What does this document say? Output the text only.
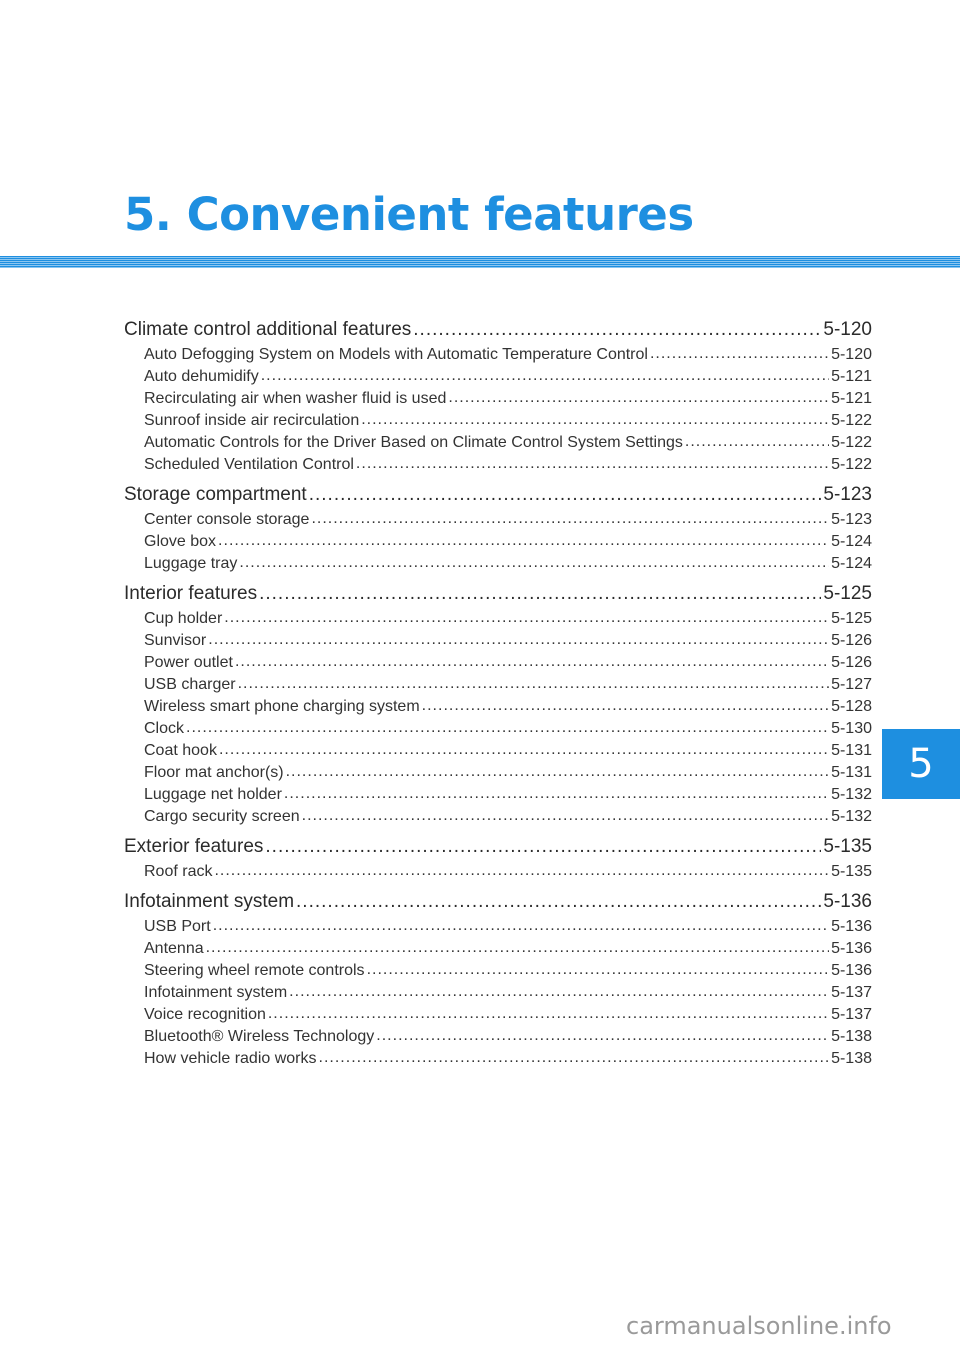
5. Convenient features
Climate control additional features .....	5-120
Auto Defogging System on Models with Automatic Temperature Control .....	5-120
Auto dehumidify .....	5-121
Recirculating air when washer fluid is used .....	5-121
Sunroof inside air recirculation .....	5-122
Automatic Controls for the Driver Based on Climate Control System Settings .....	5-122
Scheduled Ventilation Control .....	5-122
Storage compartment .....	5-123
Center console storage .....	5-123
Glove box .....	5-124
Luggage tray .....	5-124
Interior features .....	5-125
Cup holder .....	5-125
Sunvisor .....	5-126
Power outlet .....	5-126
USB charger .....	5-127
Wireless smart phone charging system .....	5-128
Clock .....	5-130
Coat hook .....	5-131
Floor mat anchor(s) .....	5-131
Luggage net holder .....	5-132
Cargo security screen .....	5-132
Exterior features .....	5-135
Roof rack .....	5-135
Infotainment system .....	5-136
USB Port .....	5-136
Antenna .....	5-136
Steering wheel remote controls .....	5-136
Infotainment system .....	5-137
Voice recognition .....	5-137
Bluetooth® Wireless Technology .....	5-138
How vehicle radio works .....	5-138
5
carmanualsonline.info
